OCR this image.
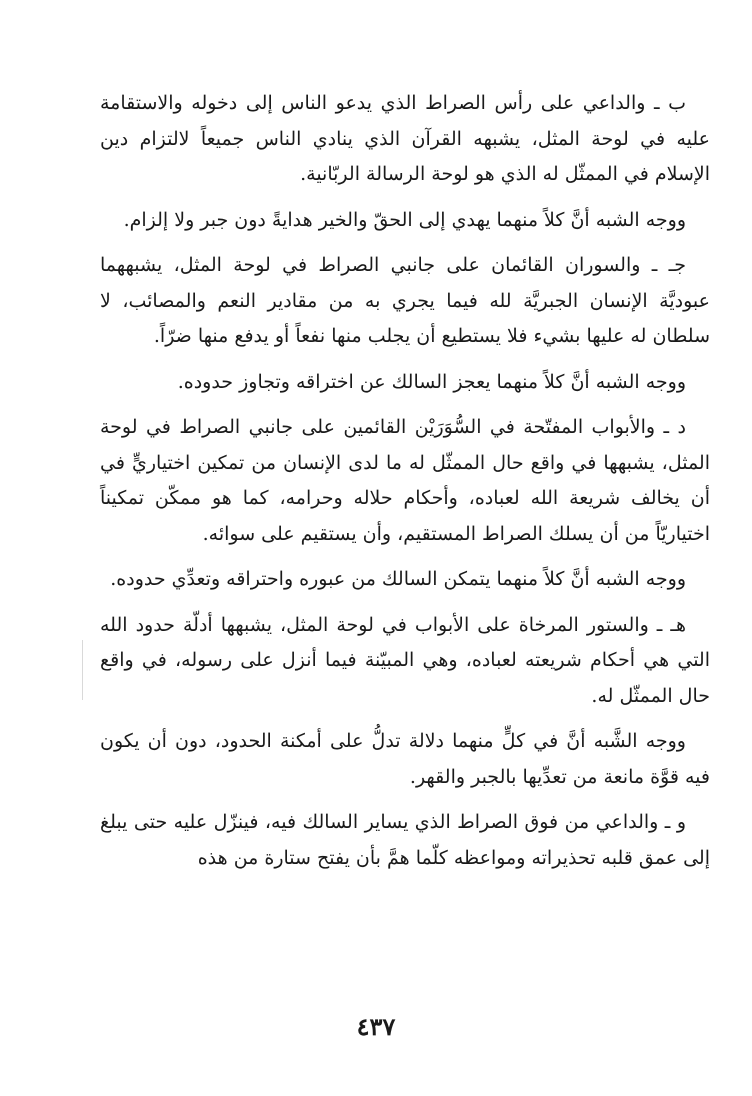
ب ـ والداعي على رأس الصراط الذي يدعو الناس إلى دخوله والاستقامة عليه في لوحة المثل، يشبهه القرآن الذي ينادي الناس جميعاً لالتزام دين الإسلام في الممثّل له الذي هو لوحة الرسالة الربّانية.

ووجه الشبه أنَّ كلاً منهما يهدي إلى الحقّ والخير هدايةً دون جبر ولا إلزام.

جـ ـ والسوران القائمان على جانبي الصراط في لوحة المثل، يشبههما عبوديَّة الإنسان الجبريَّة لله فيما يجري به من مقادير النعم والمصائب، لا سلطان له عليها بشيء فلا يستطيع أن يجلب منها نفعاً أو يدفع منها ضرّاً.

ووجه الشبه أنَّ كلاً منهما يعجز السالك عن اختراقه وتجاوز حدوده.

د ـ والأبواب المفتّحة في السُّوَرَيْن القائمين على جانبي الصراط في لوحة المثل، يشبهها في واقع حال الممثّل له ما لدى الإنسان من تمكين اختياريٍّ في أن يخالف شريعة الله لعباده، وأحكام حلاله وحرامه، كما هو ممكّن تمكيناً اختياريّاً من أن يسلك الصراط المستقيم، وأن يستقيم على سوائه.

ووجه الشبه أنَّ كلاً منهما يتمكن السالك من عبوره واحتراقه وتعدِّي حدوده.

هـ ـ والستور المرخاة على الأبواب في لوحة المثل، يشبهها أدلّة حدود الله التي هي أحكام شريعته لعباده، وهي المبيّنة فيما أنزل على رسوله، في واقع حال الممثّل له.

ووجه الشَّبه أنَّ في كلٍّ منهما دلالة تدلُّ على أمكنة الحدود، دون أن يكون فيه قوَّة مانعة من تعدِّيها بالجبر والقهر.

و ـ والداعي من فوق الصراط الذي يساير السالك فيه، فينزّل عليه حتى يبلغ إلى عمق قلبه تحذيراته ومواعظه كلّما همَّ بأن يفتح ستارة من هذه

٤٣٧
